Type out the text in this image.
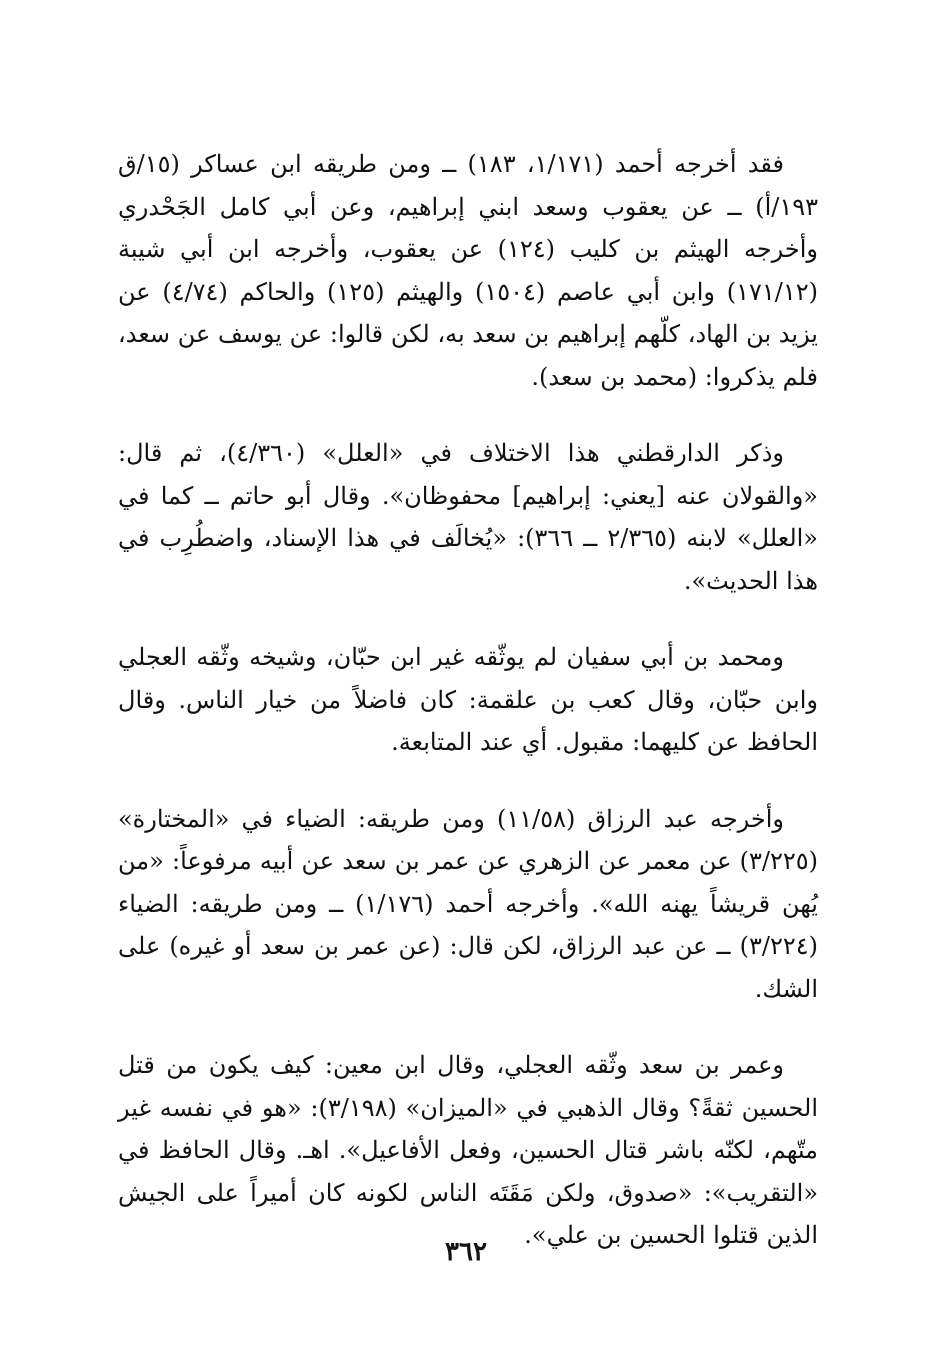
فقد أخرجه أحمد (١/١٧١، ١٨٣) ــ ومن طريقه ابن عساكر (١٥/ق ١٩٣/أ) ــ عن يعقوب وسعد ابني إبراهيم، وعن أبي كامل الجَحْدري وأخرجه الهيثم بن كليب (١٢٤) عن يعقوب، وأخرجه ابن أبي شيبة (١٧١/١٢) وابن أبي عاصم (١٥٠٤) والهيثم (١٢٥) والحاكم (٤/٧٤) عن يزيد بن الهاد، كلّهم إبراهيم بن سعد به، لكن قالوا: عن يوسف عن سعد، فلم يذكروا: (محمد بن سعد).

وذكر الدارقطني هذا الاختلاف في «العلل» (٤/٣٦٠)، ثم قال: «والقولان عنه [يعني: إبراهيم] محفوظان». وقال أبو حاتم ــ كما في «العلل» لابنه (٢/٣٦٥ ــ ٣٦٦): «يُخالَف في هذا الإسناد، واضطُرِب في هذا الحديث».

ومحمد بن أبي سفيان لم يوثّقه غير ابن حبّان، وشيخه وثّقه العجلي وابن حبّان، وقال كعب بن علقمة: كان فاضلاً من خيار الناس. وقال الحافظ عن كليهما: مقبول. أي عند المتابعة.

وأخرجه عبد الرزاق (١١/٥٨) ومن طريقه: الضياء في «المختارة» (٣/٢٢٥) عن معمر عن الزهري عن عمر بن سعد عن أبيه مرفوعاً: «من يُهن قريشاً يهنه الله». وأخرجه أحمد (١/١٧٦) ــ ومن طريقه: الضياء (٣/٢٢٤) ــ عن عبد الرزاق، لكن قال: (عن عمر بن سعد أو غيره) على الشك.

وعمر بن سعد وثّقه العجلي، وقال ابن معين: كيف يكون من قتل الحسين ثقةً؟ وقال الذهبي في «الميزان» (٣/١٩٨): «هو في نفسه غير متّهم، لكنّه باشر قتال الحسين، وفعل الأفاعيل». اهـ. وقال الحافظ في «التقريب»: «صدوق، ولكن مَقَتَه الناس لكونه كان أميراً على الجيش الذين قتلوا الحسين بن علي».

٣٦٢
